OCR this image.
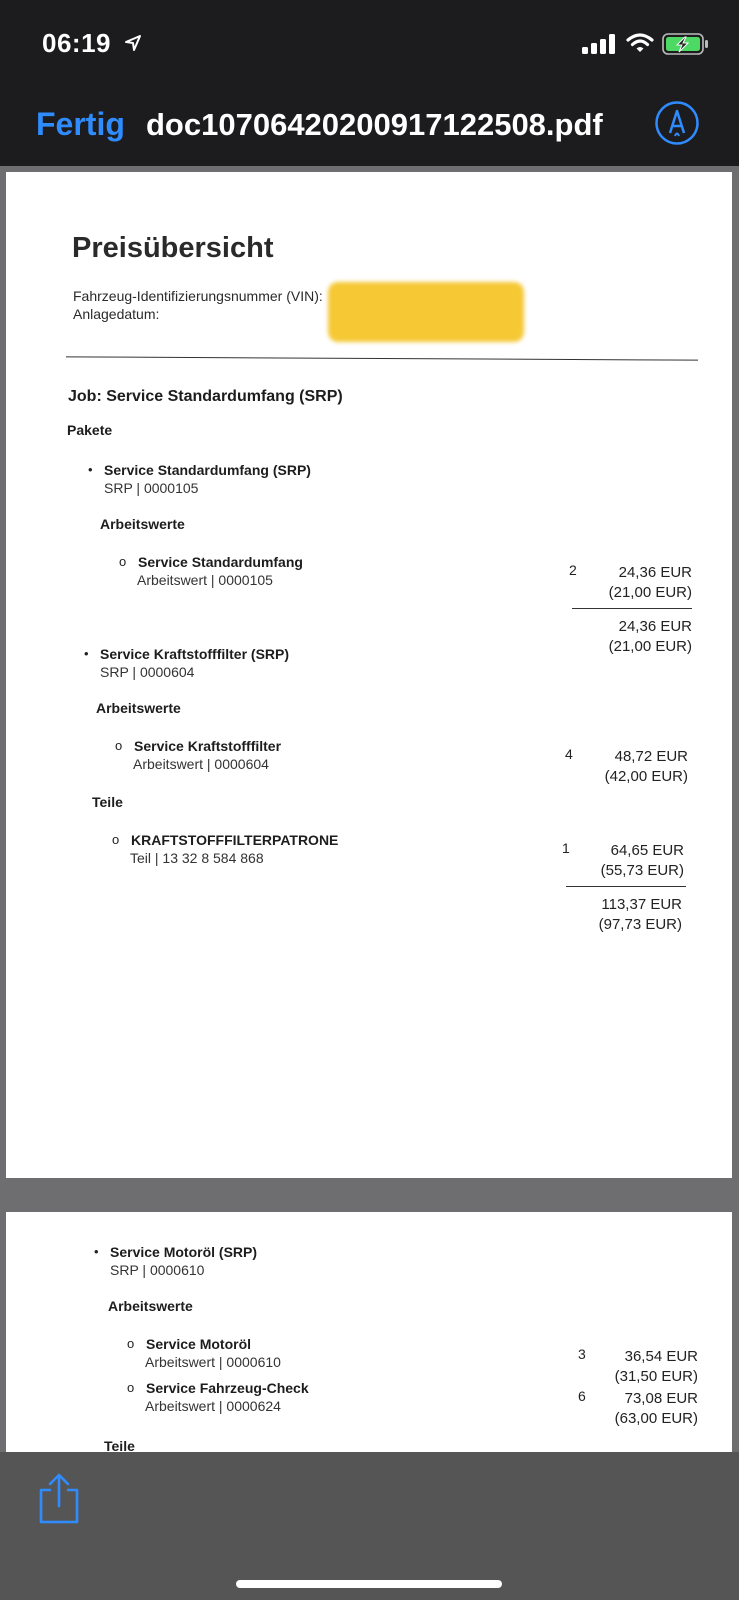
06:19
Fertig doc10706420200917122508.pdf
Preisübersicht
Fahrzeug-Identifizierungsnummer (VIN):
Anlagedatum:
Job: Service Standardumfang (SRP)
Pakete
• Service Standardumfang (SRP)
SRP | 0000105
Arbeitswerte
o Service Standardumfang
Arbeitswert | 0000105
2	24,36 EUR
(21,00 EUR)
24,36 EUR
(21,00 EUR)
• Service Kraftstofffilter (SRP)
SRP | 0000604
Arbeitswerte
o Service Kraftstofffilter
Arbeitswert | 0000604
4	48,72 EUR
(42,00 EUR)
Teile
o KRAFTSTOFFFILTERPATRONE
Teil | 13 32 8 584 868
1	64,65 EUR
(55,73 EUR)
113,37 EUR
(97,73 EUR)
• Service Motoröl (SRP)
SRP | 0000610
Arbeitswerte
o Service Motoröl
Arbeitswert | 0000610	3	36,54 EUR
(31,50 EUR)
o Service Fahrzeug-Check
Arbeitswert | 0000624
6	73,08 EUR
(63,00 EUR)
Teile
